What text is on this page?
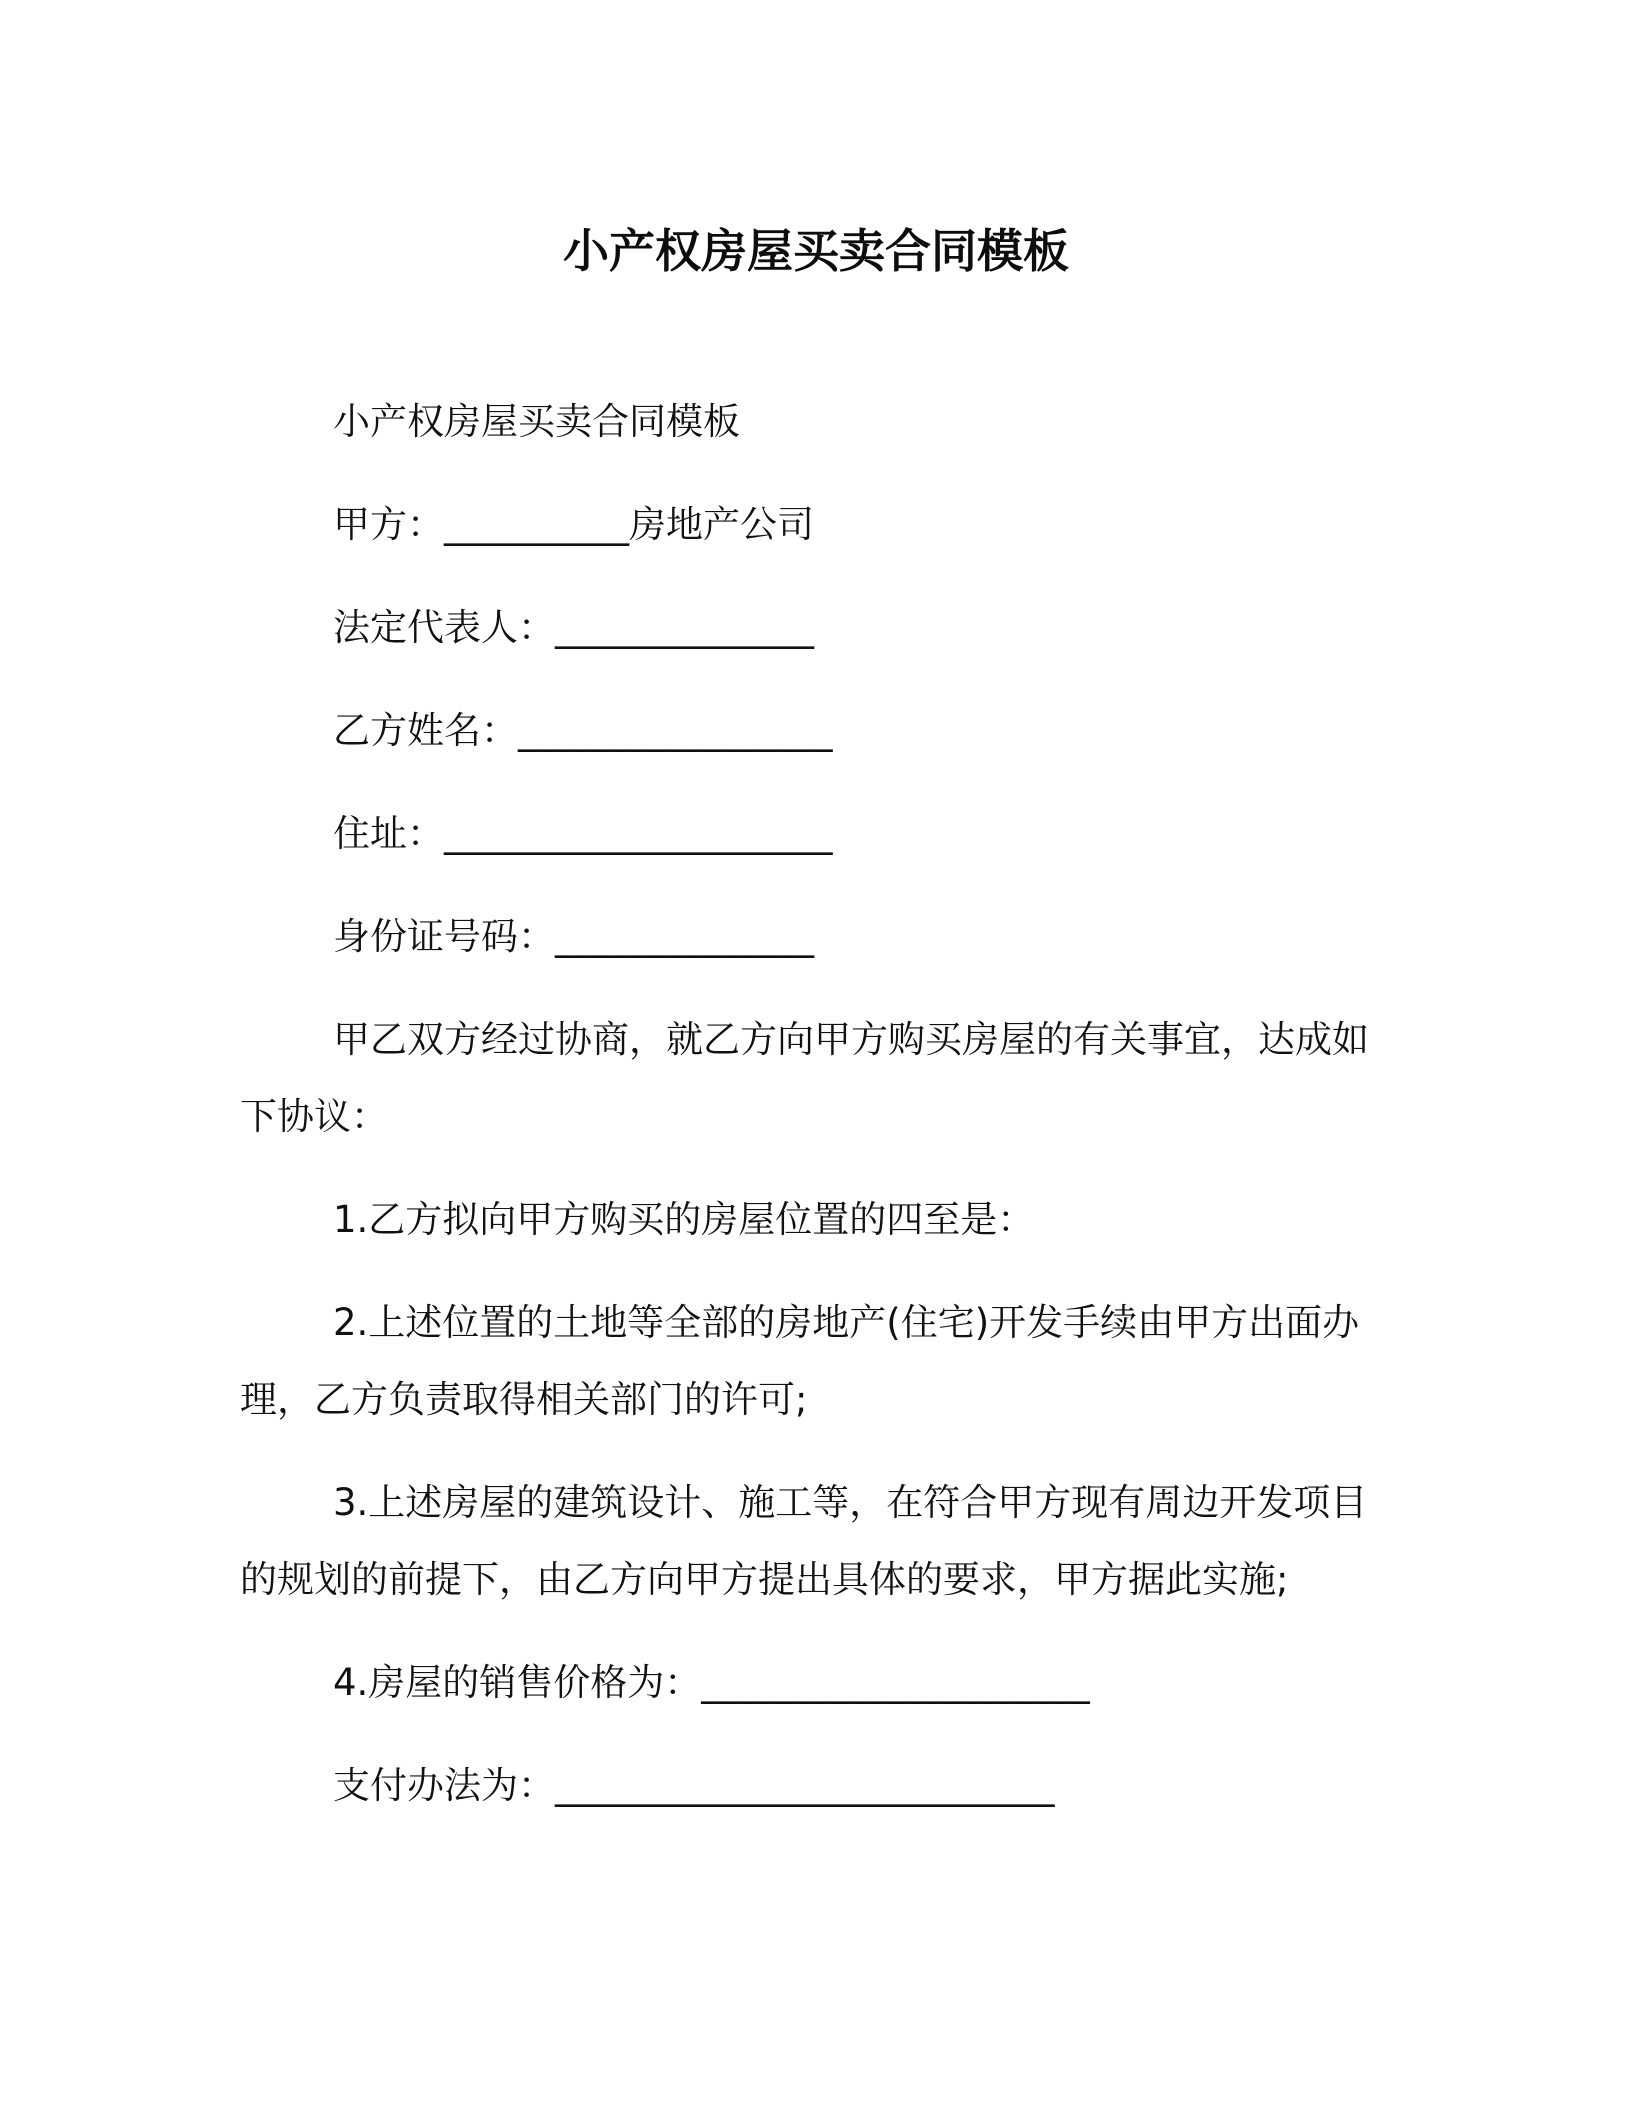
小产权房屋买卖合同模板
小产权房屋买卖合同模板
甲方：__________房地产公司
法定代表人：______________
乙方姓名：_________________
住址：_____________________
身份证号码：______________
甲乙双方经过协商，就乙方向甲方购买房屋的有关事宜，达成如
下协议：
1.乙方拟向甲方购买的房屋位置的四至是：
2.上述位置的土地等全部的房地产(住宅)开发手续由甲方出面办
理，乙方负责取得相关部门的许可;
3.上述房屋的建筑设计、施工等，在符合甲方现有周边开发项目
的规划的前提下，由乙方向甲方提出具体的要求，甲方据此实施;
4.房屋的销售价格为：_____________________
支付办法为：___________________________
